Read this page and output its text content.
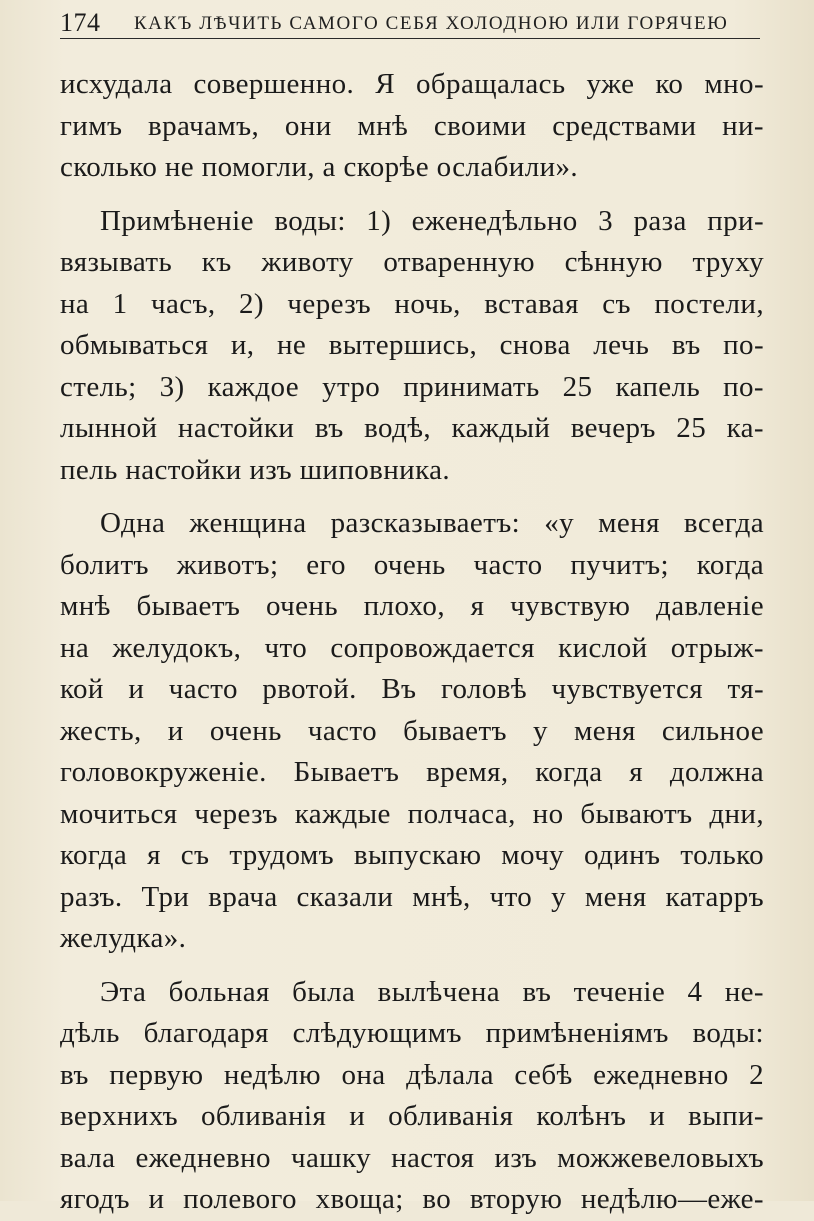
174 КАКЪ ЛѢЧИТЬ САМОГО СЕБЯ ХОЛОДНОЮ ИЛИ ГОРЯЧЕЮ
исхудала совершенно. Я обращалась уже ко мно-
гимъ врачамъ, они мнѣ своими средствами ни-
сколько не помогли, а скорѣе ослабили».
Примѣненіе воды: 1) еженедѣльно 3 раза при-
вязывать къ животу отваренную сѣнную труху
на 1 часъ, 2) черезъ ночь, вставая съ постели,
обмываться и, не вытершись, снова лечь въ по-
стель; 3) каждое утро принимать 25 капель по-
лынной настойки въ водѣ, каждый вечеръ 25 ка-
пель настойки изъ шиповника.
Одна женщина разсказываетъ: «у меня всегда
болитъ животъ; его очень часто пучитъ; когда
мнѣ бываетъ очень плохо, я чувствую давленіе
на желудокъ, что сопровождается кислой отрыж-
кой и часто рвотой. Въ головѣ чувствуется тя-
жесть, и очень часто бываетъ у меня сильное
головокруженіе. Бываетъ время, когда я должна
мочиться черезъ каждые полчаса, но бываютъ дни,
когда я съ трудомъ выпускаю мочу одинъ только
разъ. Три врача сказали мнѣ, что у меня катарръ
желудка».
Эта больная была вылѣчена въ теченіе 4 не-
дѣль благодаря слѣдующимъ примѣненіямъ воды:
въ первую недѣлю она дѣлала себѣ ежедневно 2
верхнихъ обливанія и обливанія колѣнъ и выпи-
вала ежедневно чашку настоя изъ можжевеловыхъ
ягодъ и полевого хвоща; во вторую недѣлю—еже-
